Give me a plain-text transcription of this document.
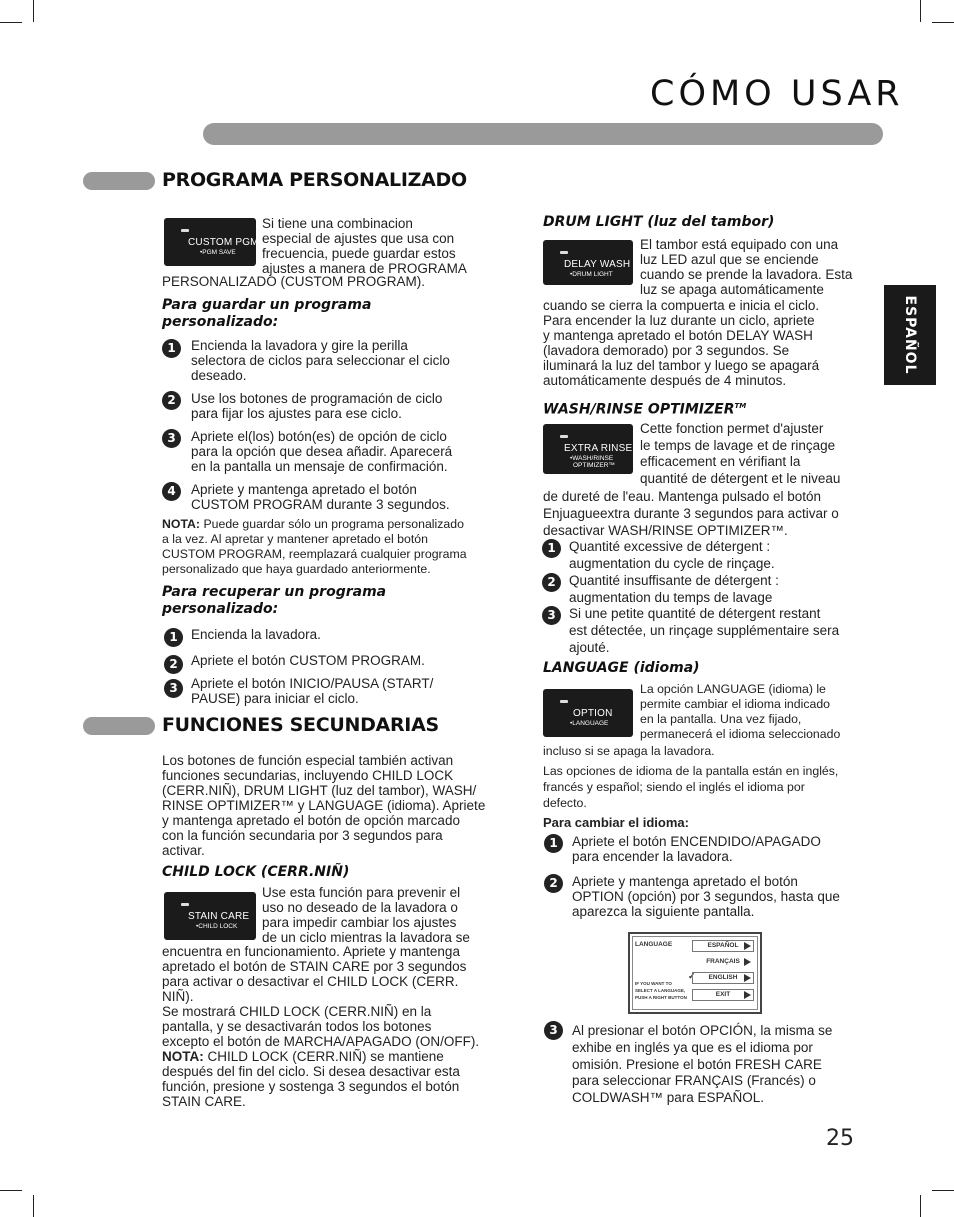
CÓMO USAR
ESPAÑOL
PROGRAMA PERSONALIZADO
CUSTOM PGM
•PGM SAVE
Si tiene una combinacion
especial de ajustes que usa con
frecuencia, puede guardar estos
ajustes a manera de PROGRAMA
PERSONALIZADO (CUSTOM PROGRAM).
Para guardar un programa
personalizado:
1	Encienda la lavadora y gire la perilla
selectora de ciclos para seleccionar el ciclo
deseado.
2	Use los botones de programación de ciclo
para fijar los ajustes para ese ciclo.
3	Apriete el(los) botón(es) de opción de ciclo
para la opción que desea añadir. Aparecerá
en la pantalla un mensaje de confirmación.
4	Apriete y mantenga apretado el botón
CUSTOM PROGRAM durante 3 segundos.
NOTA: Puede guardar sólo un programa personalizado
a la vez. Al apretar y mantener apretado el botón
CUSTOM PROGRAM, reemplazará cualquier programa
personalizado que haya guardado anteriormente.
Para recuperar un programa
personalizado:
1 Encienda la lavadora.
2 Apriete el botón CUSTOM PROGRAM.
3 Apriete el botón INICIO/PAUSA (START/
PAUSE) para iniciar el ciclo.
FUNCIONES SECUNDARIAS
Los botones de función especial también activan
funciones secundarias, incluyendo CHILD LOCK
(CERR.NIÑ), DRUM LIGHT (luz del tambor), WASH/
RINSE OPTIMIZER™ y LANGUAGE (idioma). Apriete
y mantenga apretado el botón de opción marcado
con la función secundaria por 3 segundos para
activar.
CHILD LOCK (CERR.NIÑ)
STAIN CARE
•CHILD LOCK
Use esta función para prevenir el
uso no deseado de la lavadora o
para impedir cambiar los ajustes
de un ciclo mientras la lavadora se
encuentra en funcionamiento. Apriete y mantenga
apretado el botón de STAIN CARE por 3 segundos
para activar o desactivar el CHILD LOCK (CERR.
NIÑ).
Se mostrará CHILD LOCK (CERR.NIÑ) en la
pantalla, y se desactivarán todos los botones
excepto el botón de MARCHA/APAGADO (ON/OFF).
NOTA: CHILD LOCK (CERR.NIÑ) se mantiene
después del fin del ciclo. Si desea desactivar esta
función, presione y sostenga 3 segundos el botón
STAIN CARE.
DRUM LIGHT (luz del tambor)
DELAY WASH
•DRUM LIGHT
El tambor está equipado con una
luz LED azul que se enciende
cuando se prende la lavadora. Esta
luz se apaga automáticamente
cuando se cierra la compuerta e inicia el ciclo.
Para encender la luz durante un ciclo, apriete
y mantenga apretado el botón DELAY WASH
(lavadora demorado) por 3 segundos. Se
iluminará la luz del tambor y luego se apagará
automáticamente después de 4 minutos.
WASH/RINSE OPTIMIZER™
EXTRA RINSE
•WASH/RINSE
OPTIMIZER™
Cette fonction permet d'ajuster
le temps de lavage et de rinçage
efficacement en vérifiant la
quantité de détergent et le niveau
de dureté de l'eau. Mantenga pulsado el botón
Enjuagueextra durante 3 segundos para activar o
desactivar WASH/RINSE OPTIMIZER™.
1 Quantité excessive de détergent :
augmentation du cycle de rinçage.
2 Quantité insuffisante de détergent :
augmentation du temps de lavage
3 Si une petite quantité de détergent restant
est détectée, un rinçage supplémentaire sera
ajouté.
LANGUAGE (idioma)
OPTION
•LANGUAGE
La opción LANGUAGE (idioma) le
permite cambiar el idioma indicado
en la pantalla. Una vez fijado,
permanecerá el idioma seleccionado
incluso si se apaga la lavadora.
Las opciones de idioma de la pantalla están en inglés,
francés y español; siendo el inglés el idioma por
defecto.
Para cambiar el idioma:
1	Apriete el botón ENCENDIDO/APAGADO
para encender la lavadora.
2	Apriete y mantenga apretado el botón
OPTION (opción) por 3 segundos, hasta que
aparezca la siguiente pantalla.
LANGUAGE	ESPAÑOL
FRANÇAIS
✓	ENGLISH
EXIT
IF YOU WANT TO
SELECT A LANGUAGE,
PUSH A RIGHT BUTTON
3	Al presionar el botón OPCIÓN, la misma se
exhibe en inglés ya que es el idioma por
omisión. Presione el botón FRESH CARE
para seleccionar FRANÇAIS (Francés) o
COLDWASH™ para ESPAÑOL.
25
